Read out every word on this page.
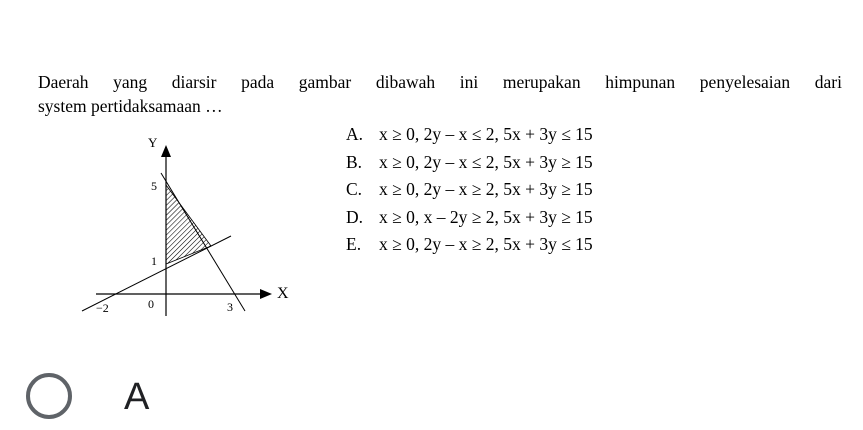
Daerah yang diarsir pada gambar dibawah ini merupakan himpunan penyelesaian dari
system pertidaksamaan …
Y
X
5
1
−2	0	3
A. x ≥ 0, 2y – x ≤ 2, 5x + 3y ≤ 15
B. x ≥ 0, 2y – x ≤ 2, 5x + 3y ≥ 15
C. x ≥ 0, 2y – x ≥ 2, 5x + 3y ≥ 15
D. x ≥ 0, x – 2y ≥ 2, 5x + 3y ≥ 15
E.	x ≥ 0, 2y – x ≥ 2, 5x + 3y ≤ 15
A
